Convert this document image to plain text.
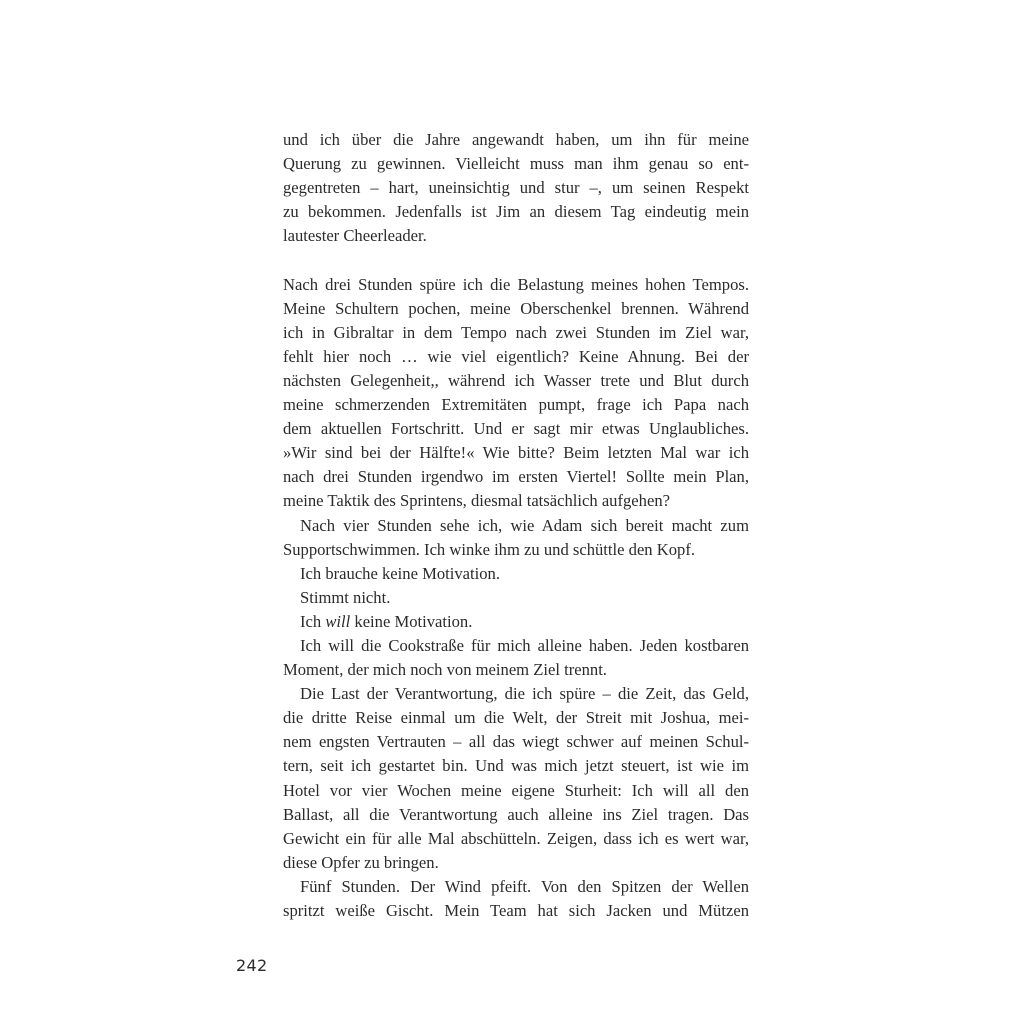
und ich über die Jahre angewandt haben, um ihn für meine
Querung zu gewinnen. Vielleicht muss man ihm genau so ent-
gegentreten – hart, uneinsichtig und stur –, um seinen Respekt
zu bekommen. Jedenfalls ist Jim an diesem Tag eindeutig mein
lautester Cheerleader.
Nach drei Stunden spüre ich die Belastung meines hohen Tempos.
Meine Schultern pochen, meine Oberschenkel brennen. Während
ich in Gibraltar in dem Tempo nach zwei Stunden im Ziel war,
fehlt hier noch … wie viel eigentlich? Keine Ahnung. Bei der
nächsten Gelegenheit,, während ich Wasser trete und Blut durch
meine schmerzenden Extremitäten pumpt, frage ich Papa nach
dem aktuellen Fortschritt. Und er sagt mir etwas Unglaubliches.
»Wir sind bei der Hälfte!« Wie bitte? Beim letzten Mal war ich
nach drei Stunden irgendwo im ersten Viertel! Sollte mein Plan,
meine Taktik des Sprintens, diesmal tatsächlich aufgehen?
Nach vier Stunden sehe ich, wie Adam sich bereit macht zum
Supportschwimmen. Ich winke ihm zu und schüttle den Kopf.
Ich brauche keine Motivation.
Stimmt nicht.
Ich will keine Motivation.
Ich will die Cookstraße für mich alleine haben. Jeden kostbaren
Moment, der mich noch von meinem Ziel trennt.
Die Last der Verantwortung, die ich spüre – die Zeit, das Geld,
die dritte Reise einmal um die Welt, der Streit mit Joshua, mei-
nem engsten Vertrauten – all das wiegt schwer auf meinen Schul-
tern, seit ich gestartet bin. Und was mich jetzt steuert, ist wie im
Hotel vor vier Wochen meine eigene Sturheit: Ich will all den
Ballast, all die Verantwortung auch alleine ins Ziel tragen. Das
Gewicht ein für alle Mal abschütteln. Zeigen, dass ich es wert war,
diese Opfer zu bringen.
Fünf Stunden. Der Wind pfeift. Von den Spitzen der Wellen
spritzt weiße Gischt. Mein Team hat sich Jacken und Mützen
242
